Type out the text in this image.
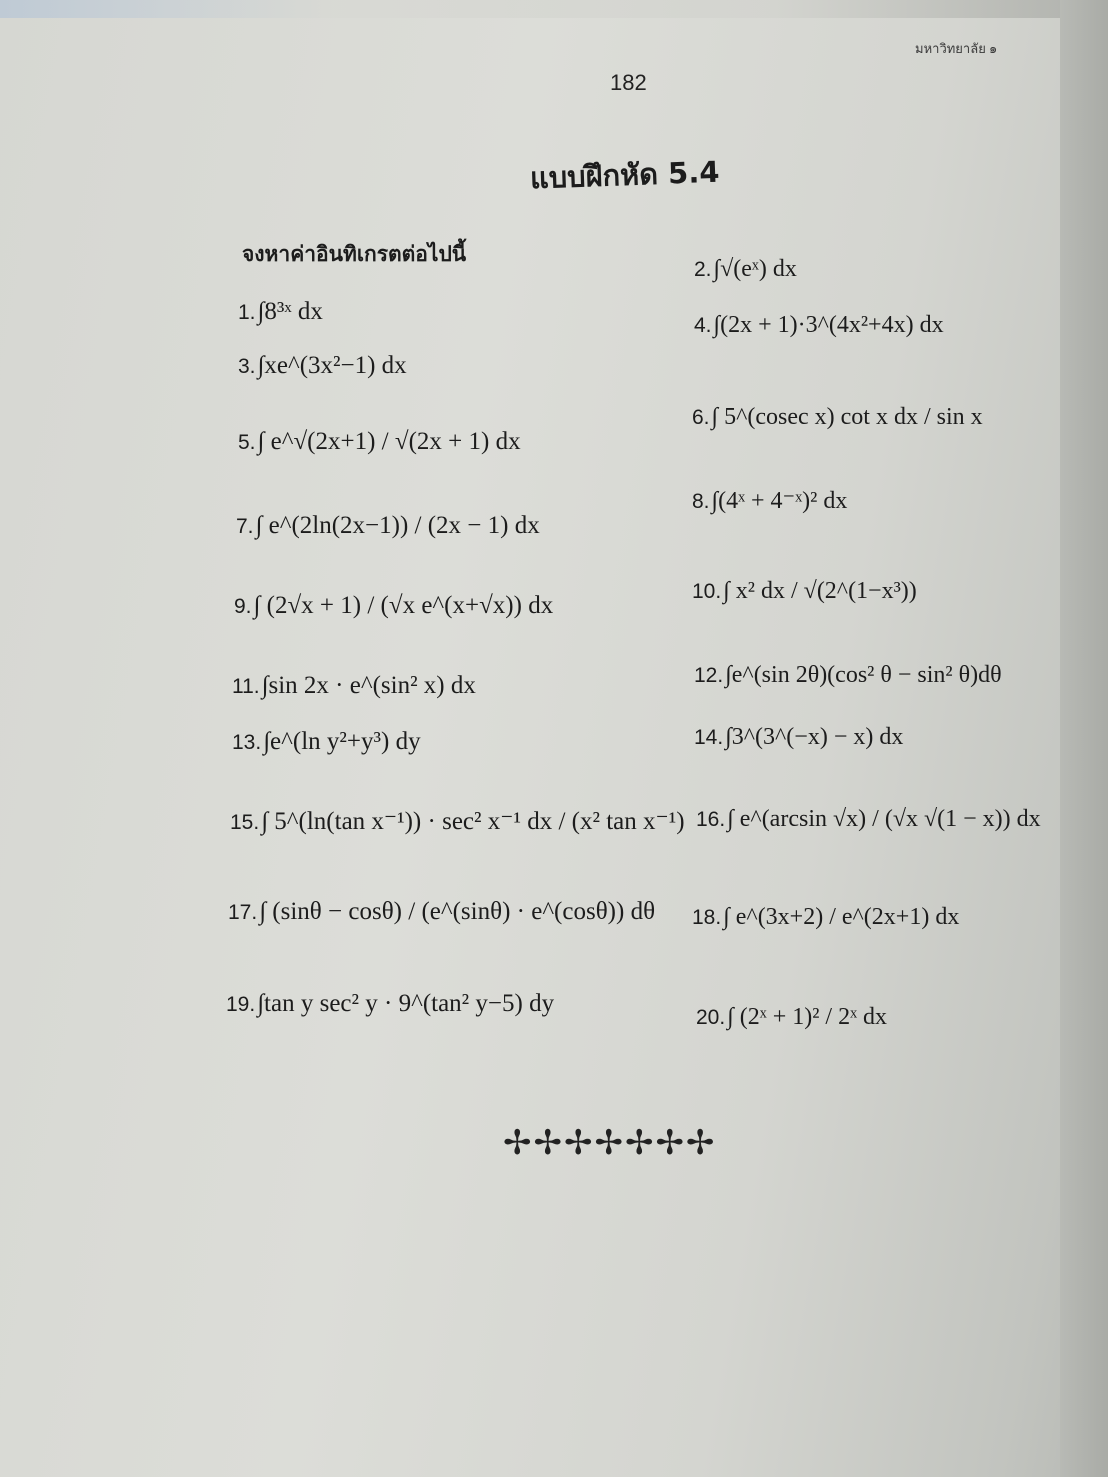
มหาวิทยาลัย ๑
182
แบบฝึกหัด 5.4
จงหาค่าอินทิเกรตต่อไปนี้
1.∫8³ˣ dx
3.∫xe^(3x²−1) dx
5.∫ e^√(2x+1) / √(2x + 1) dx
7.∫ e^(2ln(2x−1)) / (2x − 1) dx
9.∫ (2√x + 1) / (√x e^(x+√x)) dx
11.∫sin 2x · e^(sin² x) dx
13.∫e^(ln y²+y³) dy
15.∫ 5^(ln(tan x⁻¹)) · sec² x⁻¹ dx / (x² tan x⁻¹)
17.∫ (sinθ − cosθ) / (e^(sinθ) · e^(cosθ)) dθ
19.∫tan y sec² y · 9^(tan² y−5) dy
2.∫√(eˣ) dx
4.∫(2x + 1)·3^(4x²+4x) dx
6.∫ 5^(cosec x) cot x dx / sin x
8.∫(4ˣ + 4⁻ˣ)² dx
10.∫ x² dx / √(2^(1−x³))
12.∫e^(sin 2θ)(cos² θ − sin² θ)dθ
14.∫3^(3^(−x) − x) dx
16.∫ e^(arcsin √x) / (√x √(1 − x)) dx
18.∫ e^(3x+2) / e^(2x+1) dx
20.∫ (2ˣ + 1)² / 2ˣ dx
✢✢✢✢✢✢✢
